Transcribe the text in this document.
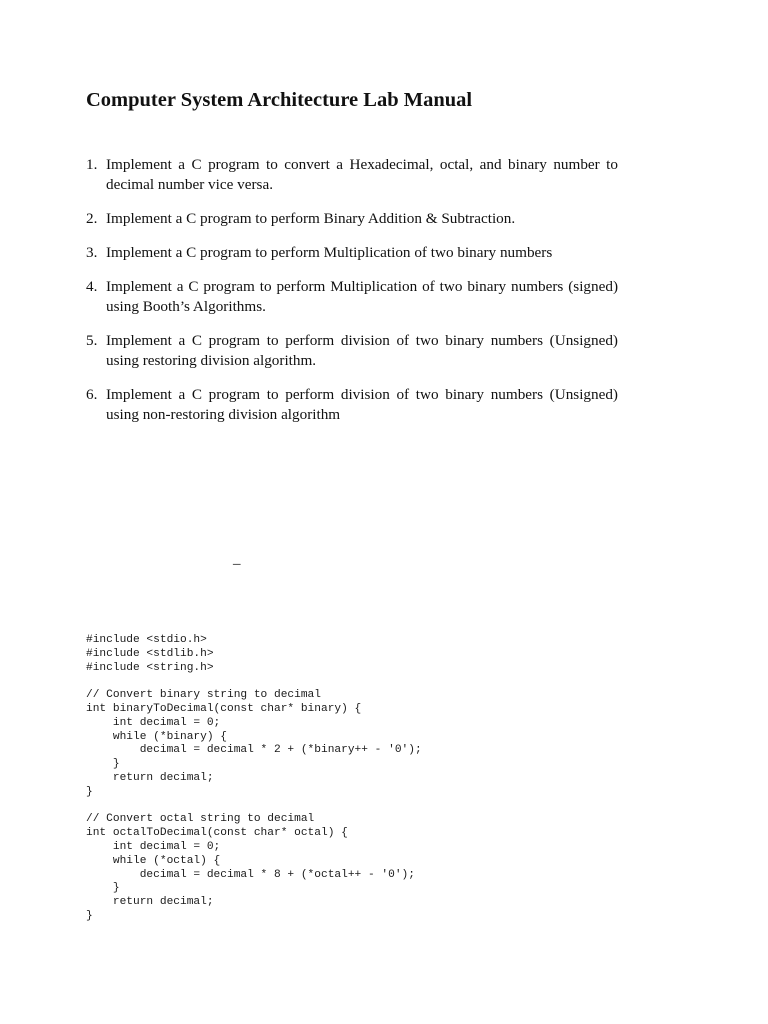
Computer System Architecture Lab Manual
1. Implement a C program to convert a Hexadecimal, octal, and binary number to decimal number vice versa.
2. Implement a C program to perform Binary Addition & Subtraction.
3. Implement a C program to perform Multiplication of two binary numbers
4. Implement a C program to perform Multiplication of two binary numbers (signed) using Booth’s Algorithms.
5. Implement a C program to perform division of two binary numbers (Unsigned) using restoring division algorithm.
6. Implement a C program to perform division of two binary numbers (Unsigned) using non-restoring division algorithm
_
#include <stdio.h>
#include <stdlib.h>
#include <string.h>

// Convert binary string to decimal
int binaryToDecimal(const char* binary) {
int decimal = 0;
while (*binary) {
decimal = decimal * 2 + (*binary++ - '0');
}
return decimal;
}

// Convert octal string to decimal
int octalToDecimal(const char* octal) {
int decimal = 0;
while (*octal) {
decimal = decimal * 8 + (*octal++ - '0');
}
return decimal;
}
